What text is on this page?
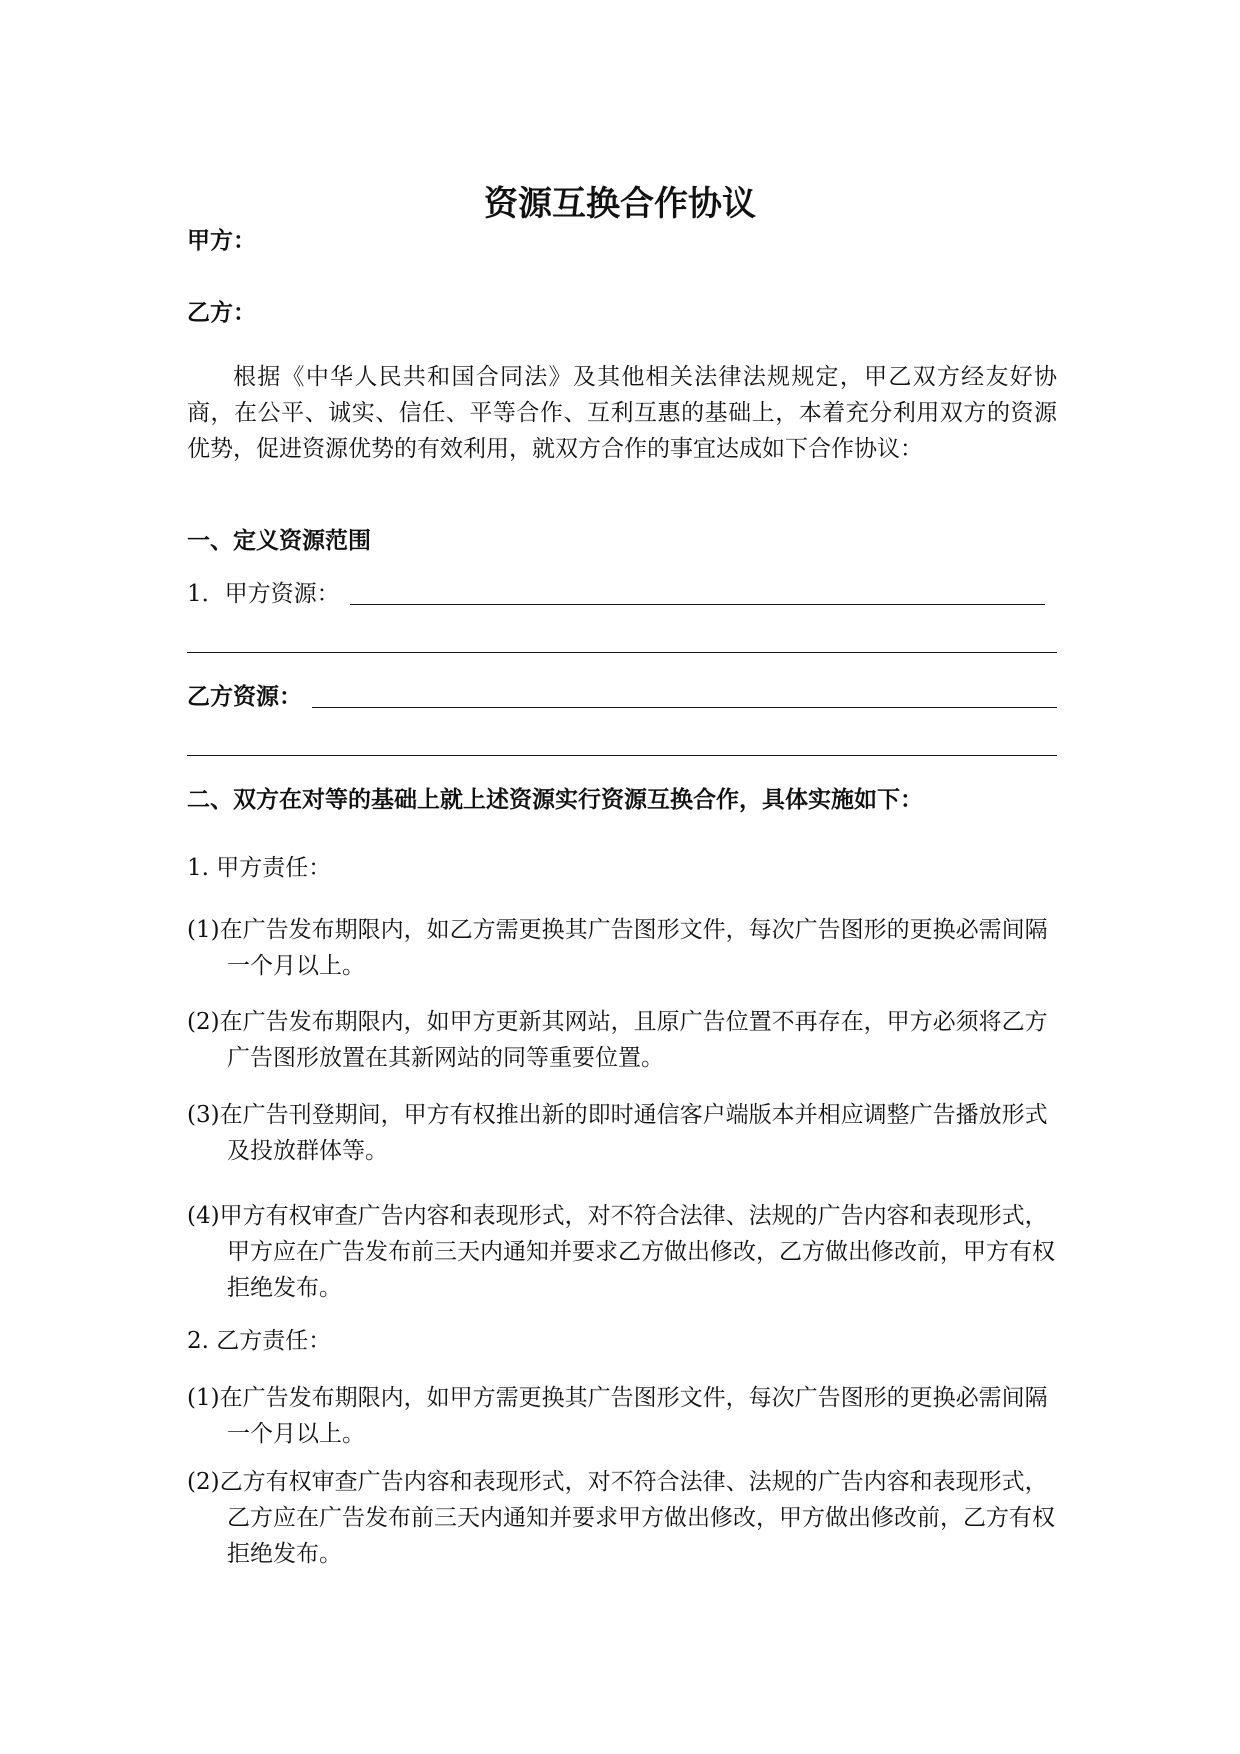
资源互换合作协议
甲方：
乙方：
根据《中华人民共和国合同法》及其他相关法律法规规定，甲乙双方经友好协商，在公平、诚实、信任、平等合作、互利互惠的基础上，本着充分利用双方的资源优势，促进资源优势的有效利用，就双方合作的事宜达成如下合作协议：
一、定义资源范围
1．甲方资源：
乙方资源：
二、双方在对等的基础上就上述资源实行资源互换合作，具体实施如下：
1. 甲方责任：
(1)在广告发布期限内，如乙方需更换其广告图形文件，每次广告图形的更换必需间隔一个月以上。
(2)在广告发布期限内，如甲方更新其网站，且原广告位置不再存在，甲方必须将乙方广告图形放置在其新网站的同等重要位置。
(3)在广告刊登期间，甲方有权推出新的即时通信客户端版本并相应调整广告播放形式及投放群体等。
(4)甲方有权审查广告内容和表现形式，对不符合法律、法规的广告内容和表现形式，甲方应在广告发布前三天内通知并要求乙方做出修改，乙方做出修改前，甲方有权拒绝发布。
2. 乙方责任：
(1)在广告发布期限内，如甲方需更换其广告图形文件，每次广告图形的更换必需间隔一个月以上。
(2)乙方有权审查广告内容和表现形式，对不符合法律、法规的广告内容和表现形式，乙方应在广告发布前三天内通知并要求甲方做出修改，甲方做出修改前，乙方有权拒绝发布。
